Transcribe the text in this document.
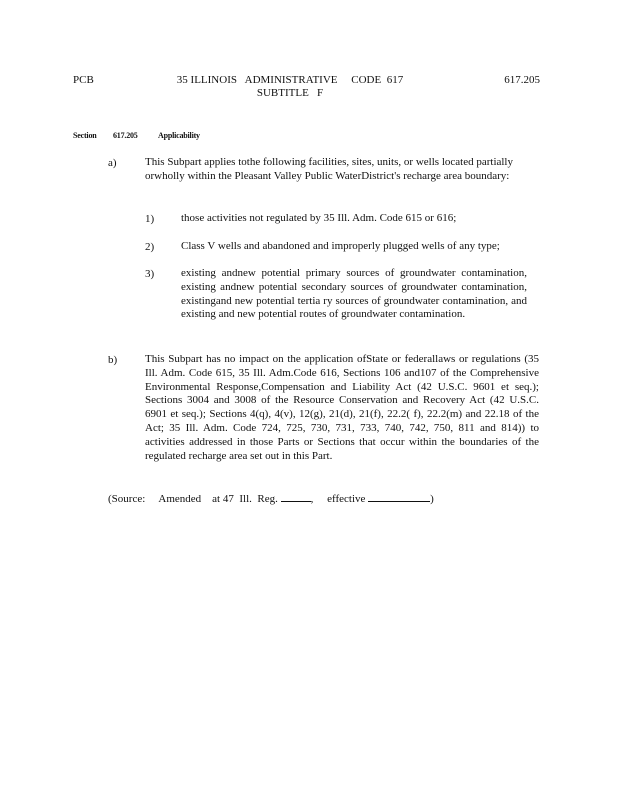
PCB	35 ILLINOIS   ADMINISTRATIVE     CODE  617
SUBTITLE   F
617.205
Section 617.205	Applicability
a)	This Subpart applies tothe following facilities, sites, units, or wells located partially orwholly within the Pleasant Valley Public WaterDistrict's recharge area boundary:
1) those activities not regulated by 35 Ill. Adm. Code 615 or 616;
2) Class V wells and abandoned and improperly plugged wells of any type;
3) existing andnew potential primary sources of groundwater contamination, existing andnew potential secondary sources of groundwater contamination, existingand new potential tertia ry sources of groundwater contamination, and existing and new potential routes of groundwater contamination.
b)	This Subpart has no impact on the application ofState or federallaws or regulations (35 Ill. Adm. Code 615, 35 Ill. Adm.Code 616, Sections 106 and107 of the Comprehensive Environmental Response,Compensation and Liability Act (42 U.S.C. 9601 et seq.); Sections 3004 and 3008 of the Resource Conservation and Recovery Act (42 U.S.C. 6901 et seq.); Sections 4(q), 4(v), 12(g), 21(d), 21(f), 22.2( f), 22.2(m) and 22.18 of the Act; 35 Ill. Adm. Code 724, 725, 730, 731, 733, 740, 742, 750, 811 and 814)) to activities addressed in those Parts or Sections that occur within the boundaries of the regulated recharge area set out in this Part.
(Source:     Amended    at 47  Ill.  Reg.	,     effective	)
